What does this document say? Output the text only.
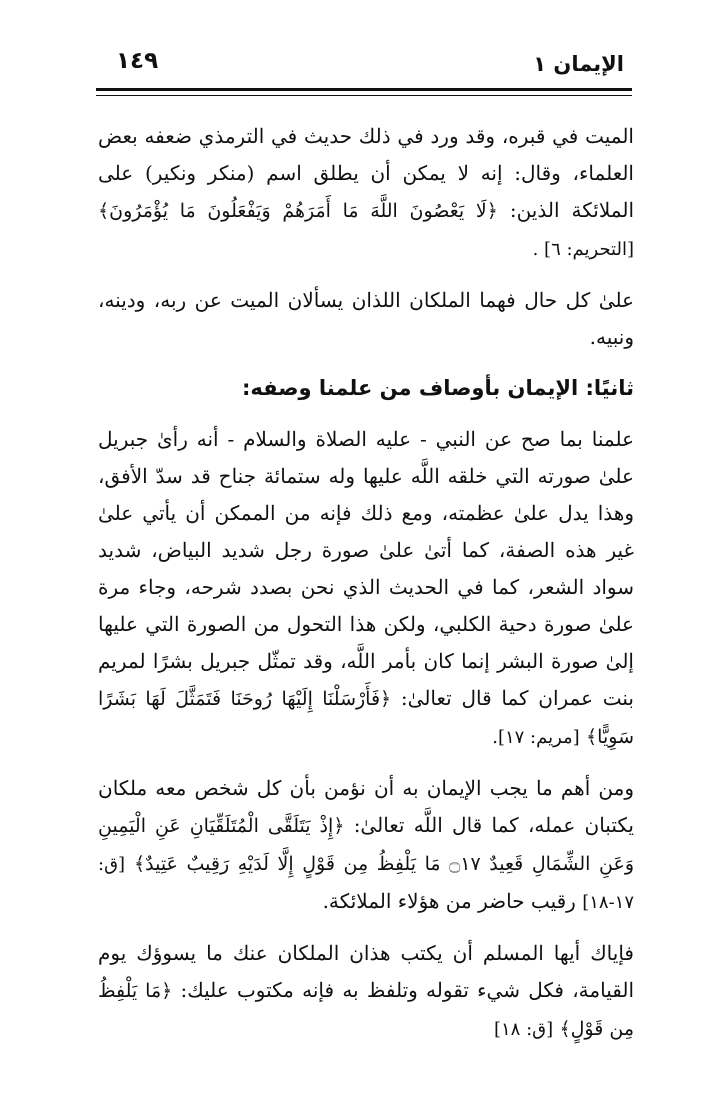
الإيمان ١
١٤٩

الميت في قبره، وقد ورد في ذلك حديث في الترمذي ضعفه بعض العلماء، وقال: إنه لا يمكن أن يطلق اسم (منكر ونكير) على الملائكة الذين: ﴿لَا يَعْصُونَ اللَّهَ مَا أَمَرَهُمْ وَيَفْعَلُونَ مَا يُؤْمَرُونَ﴾ [التحريم: ٦] .

علىٰ كل حال فهما الملكان اللذان يسألان الميت عن ربه، ودينه، ونبيه.

ثانيًا: الإيمان بأوصاف من علمنا وصفه:

علمنا بما صح عن النبي - عليه الصلاة والسلام - أنه رأىٰ جبريل علىٰ صورته التي خلقه اللَّه عليها وله ستمائة جناح قد سدّ الأفق، وهذا يدل علىٰ عظمته، ومع ذلك فإنه من الممكن أن يأتي علىٰ غير هذه الصفة، كما أتىٰ علىٰ صورة رجل شديد البياض، شديد سواد الشعر، كما في الحديث الذي نحن بصدد شرحه، وجاء مرة علىٰ صورة دحية الكلبي، ولكن هذا التحول من الصورة التي عليها إلىٰ صورة البشر إنما كان بأمر اللَّه، وقد تمثّل جبريل بشرًا لمريم بنت عمران كما قال تعالىٰ: ﴿فَأَرْسَلْنَا إِلَيْهَا رُوحَنَا فَتَمَثَّلَ لَهَا بَشَرًا سَوِيًّا﴾ [مريم: ١٧].

ومن أهم ما يجب الإيمان به أن نؤمن بأن كل شخص معه ملكان يكتبان عمله، كما قال اللَّه تعالىٰ: ﴿إِذْ يَتَلَقَّى الْمُتَلَقِّيَانِ عَنِ الْيَمِينِ وَعَنِ الشِّمَالِ قَعِيدٌ ۝١٧ مَا يَلْفِظُ مِن قَوْلٍ إِلَّا لَدَيْهِ رَقِيبٌ عَتِيدٌ﴾ [ق: ١٧-١٨] رقيب حاضر من هؤلاء الملائكة.

فإياك أيها المسلم أن يكتب هذان الملكان عنك ما يسوؤك يوم القيامة، فكل شيء تقوله وتلفظ به فإنه مكتوب عليك: ﴿مَا يَلْفِظُ مِن قَوْلٍ﴾ [ق: ١٨]
